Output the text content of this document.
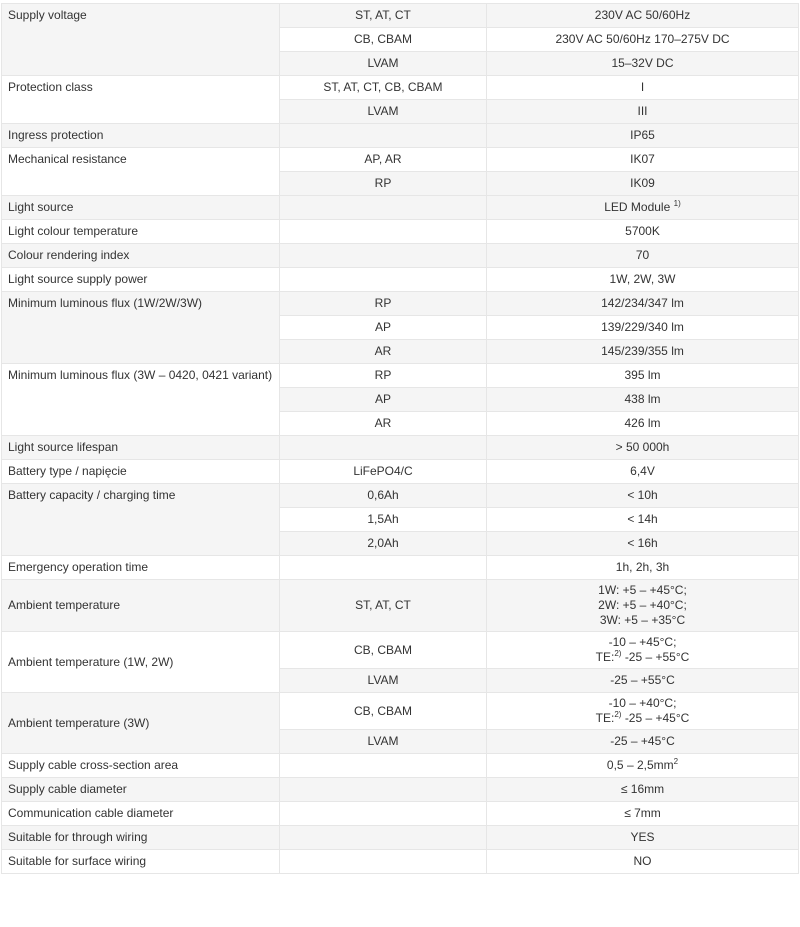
Supply voltage	ST, AT, CT	230V AC 50/60Hz
	CB, CBAM	230V AC 50/60Hz 170–275V DC
	LVAM	15–32V DC
Protection class	ST, AT, CT, CB, CBAM	I
	LVAM	III
Ingress protection		IP65
Mechanical resistance	AP, AR	IK07
	RP	IK09
Light source		LED Module $^{1)}$
Light colour temperature		5700K
Colour rendering index		70
Light source supply power		1W, 2W, 3W
Minimum luminous flux (1W/2W/3W)	RP	142/234/347 lm
	AP	139/229/340 lm
	AR	145/239/355 lm
Minimum luminous flux (3W – 0420, 0421 variant)	RP	395 lm
	AP	438 lm
	AR	426 lm
Light source lifespan		> 50 000h
Battery type / napięcie	LiFePO4/C	6,4V
Battery capacity / charging time	0,6Ah	< 10h
	1,5Ah	< 14h
	2,0Ah	< 16h
Emergency operation time		1h, 2h, 3h
Ambient temperature	ST, AT, CT	1W: +5 – +45°C;
2W: +5 – +40°C;
3W: +5 – +35°C

Ambient temperature (1W, 2W)	CB, CBAM	-10 – +45°C;
TE:$^{2)}$ -25 – +55°C

	LVAM	-25 – +55°C
Ambient temperature (3W)	CB, CBAM	-10 – +40°C;
TE:$^{2)}$ -25 – +45°C

	LVAM	-25 – +45°C
Supply cable cross-section area		$0,5 - 2,5mm^2$
Supply cable diameter		≤ 16mm
Communication cable diameter		≤ 7mm
Suitable for through wiring		YES
Suitable for surface wiring		NO
